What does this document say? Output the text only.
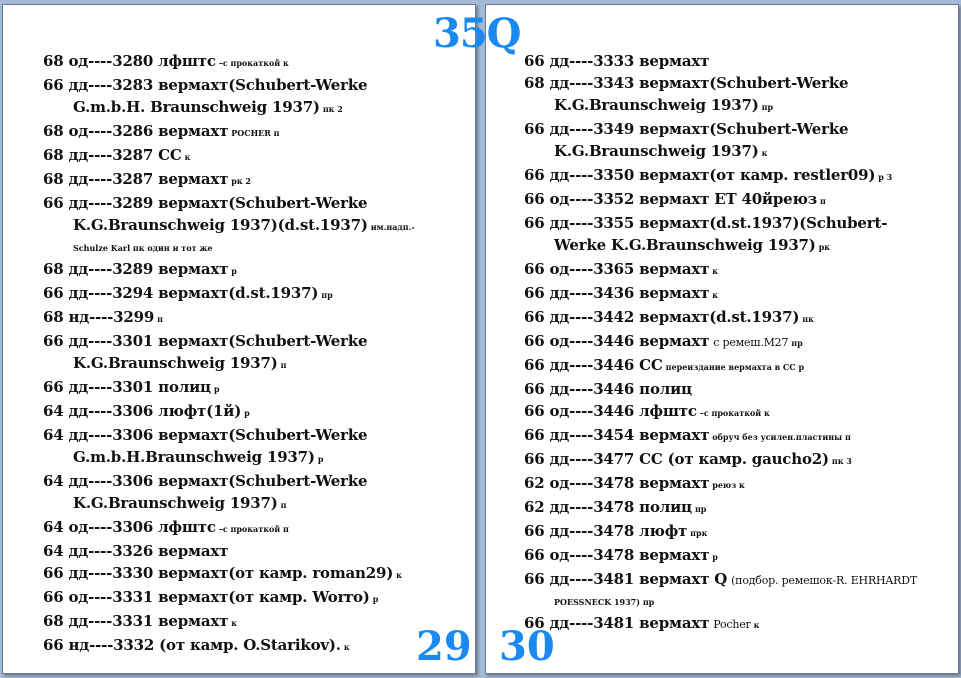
68 од----3280 лфштс –с прокаткой к
66 дд----3283 вермахт(Schubert-Werke
G.m.b.H. Braunschweig 1937) пк 2
68 од----3286 вермахт POCHER п
68 дд----3287 СС к
68 дд----3287 вермахт рк 2
66 дд----3289 вермахт(Schubert-Werke
K.G.Braunschweig 1937)(d.st.1937) им.надп.-
Schulze Karl пк один и тот же
68 дд----3289 вермахт р
66 дд----3294 вермахт(d.st.1937) пр
68 нд----3299 п
66 дд----3301 вермахт(Schubert-Werke
K.G.Braunschweig 1937) п
66 дд----3301 полиц р
64 дд----3306 люфт(1й) р
64 дд----3306 вермахт(Schubert-Werke
G.m.b.H.Braunschweig 1937) р
64 дд----3306 вермахт(Schubert-Werke
K.G.Braunschweig 1937) п
64 од----3306 лфштс –с прокаткой п
64 дд----3326 вермахт
66 дд----3330 вермахт(от камр. roman29) к
66 од----3331 вермахт(от камр. Worro) р
68 дд----3331 вермахт к
66 нд----3332 (от камр. O.Starikov). к	29
66 дд----3333 вермахт
68 дд----3343 вермахт(Schubert-Werke
K.G.Braunschweig 1937) пр
66 дд----3349 вермахт(Schubert-Werke
K.G.Braunschweig 1937) к
66 дд----3350 вермахт(от камр. restler09) р 3
66 од----3352 вермахт ЕТ 40йреюз п
66 дд----3355 вермахт(d.st.1937)(Schubert-
Werke K.G.Braunschweig 1937) рк
66 од----3365 вермахт к
66 дд----3436 вермахт к
66 дд----3442 вермахт(d.st.1937) пк
66 од----3446 вермахт с ремеш.М27 пр
66 дд----3446 СС переиздание вермахта в СС р
66 дд----3446 полиц
66 од----3446 лфштс –с прокаткой к
66 дд----3454 вермахт обруч без усилен.пластины п
66 дд----3477 СС (от камр. gaucho2) пк 3
62 од----3478 вермахт реюз к
62 дд----3478 полиц пр
66 дд----3478 люфт прк
66 од----3478 вермахт р
66 дд----3481 вермахт Q (подбор. ремешок-R. EHRHARDT
POESSNECK 1937) пр
66 дд----3481 вермахт Pocher к
30
35Q
